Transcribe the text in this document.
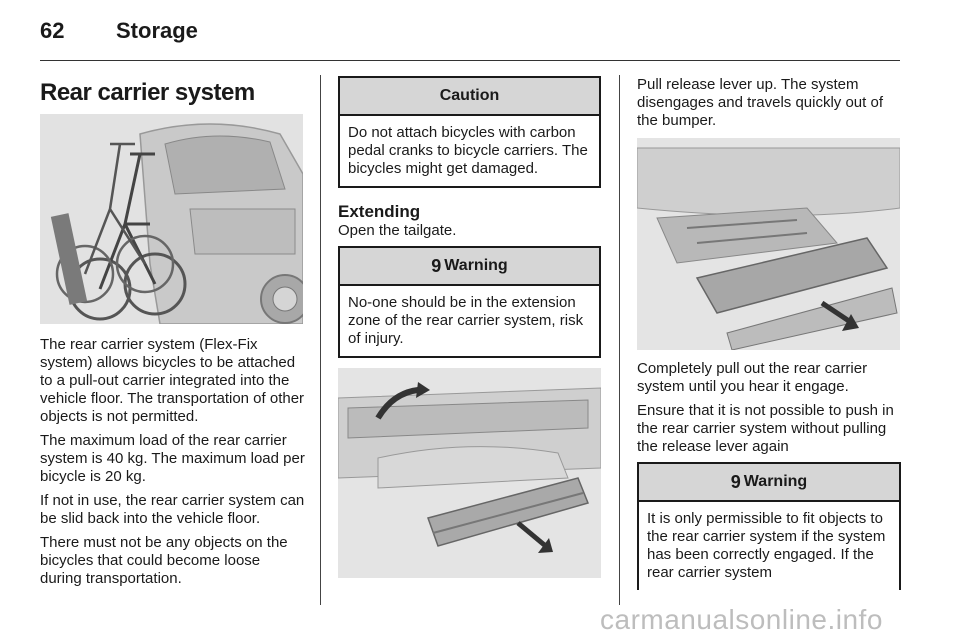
62 Storage
Rear carrier system
The rear carrier system (Flex-Fix system) allows bicycles to be attached to a pull-out carrier integrated into the vehicle floor. The transportation of other objects is not permitted.
The maximum load of the rear carrier system is 40 kg. The maximum load per bicycle is 20 kg.
If not in use, the rear carrier system can be slid back into the vehicle floor.
There must not be any objects on the bicycles that could become loose during transportation.
Caution
Do not attach bicycles with carbon pedal cranks to bicycle carriers. The bicycles might get damaged.
Extending
Open the tailgate.
9 Warning
No-one should be in the extension zone of the rear carrier system, risk of injury.
Pull release lever up. The system disengages and travels quickly out of the bumper.
Completely pull out the rear carrier system until you hear it engage.
Ensure that it is not possible to push in the rear carrier system without pulling the release lever again
9 Warning
It is only permissible to fit objects to the rear carrier system if the system has been correctly engaged. If the rear carrier system
carmanualsonline.info
